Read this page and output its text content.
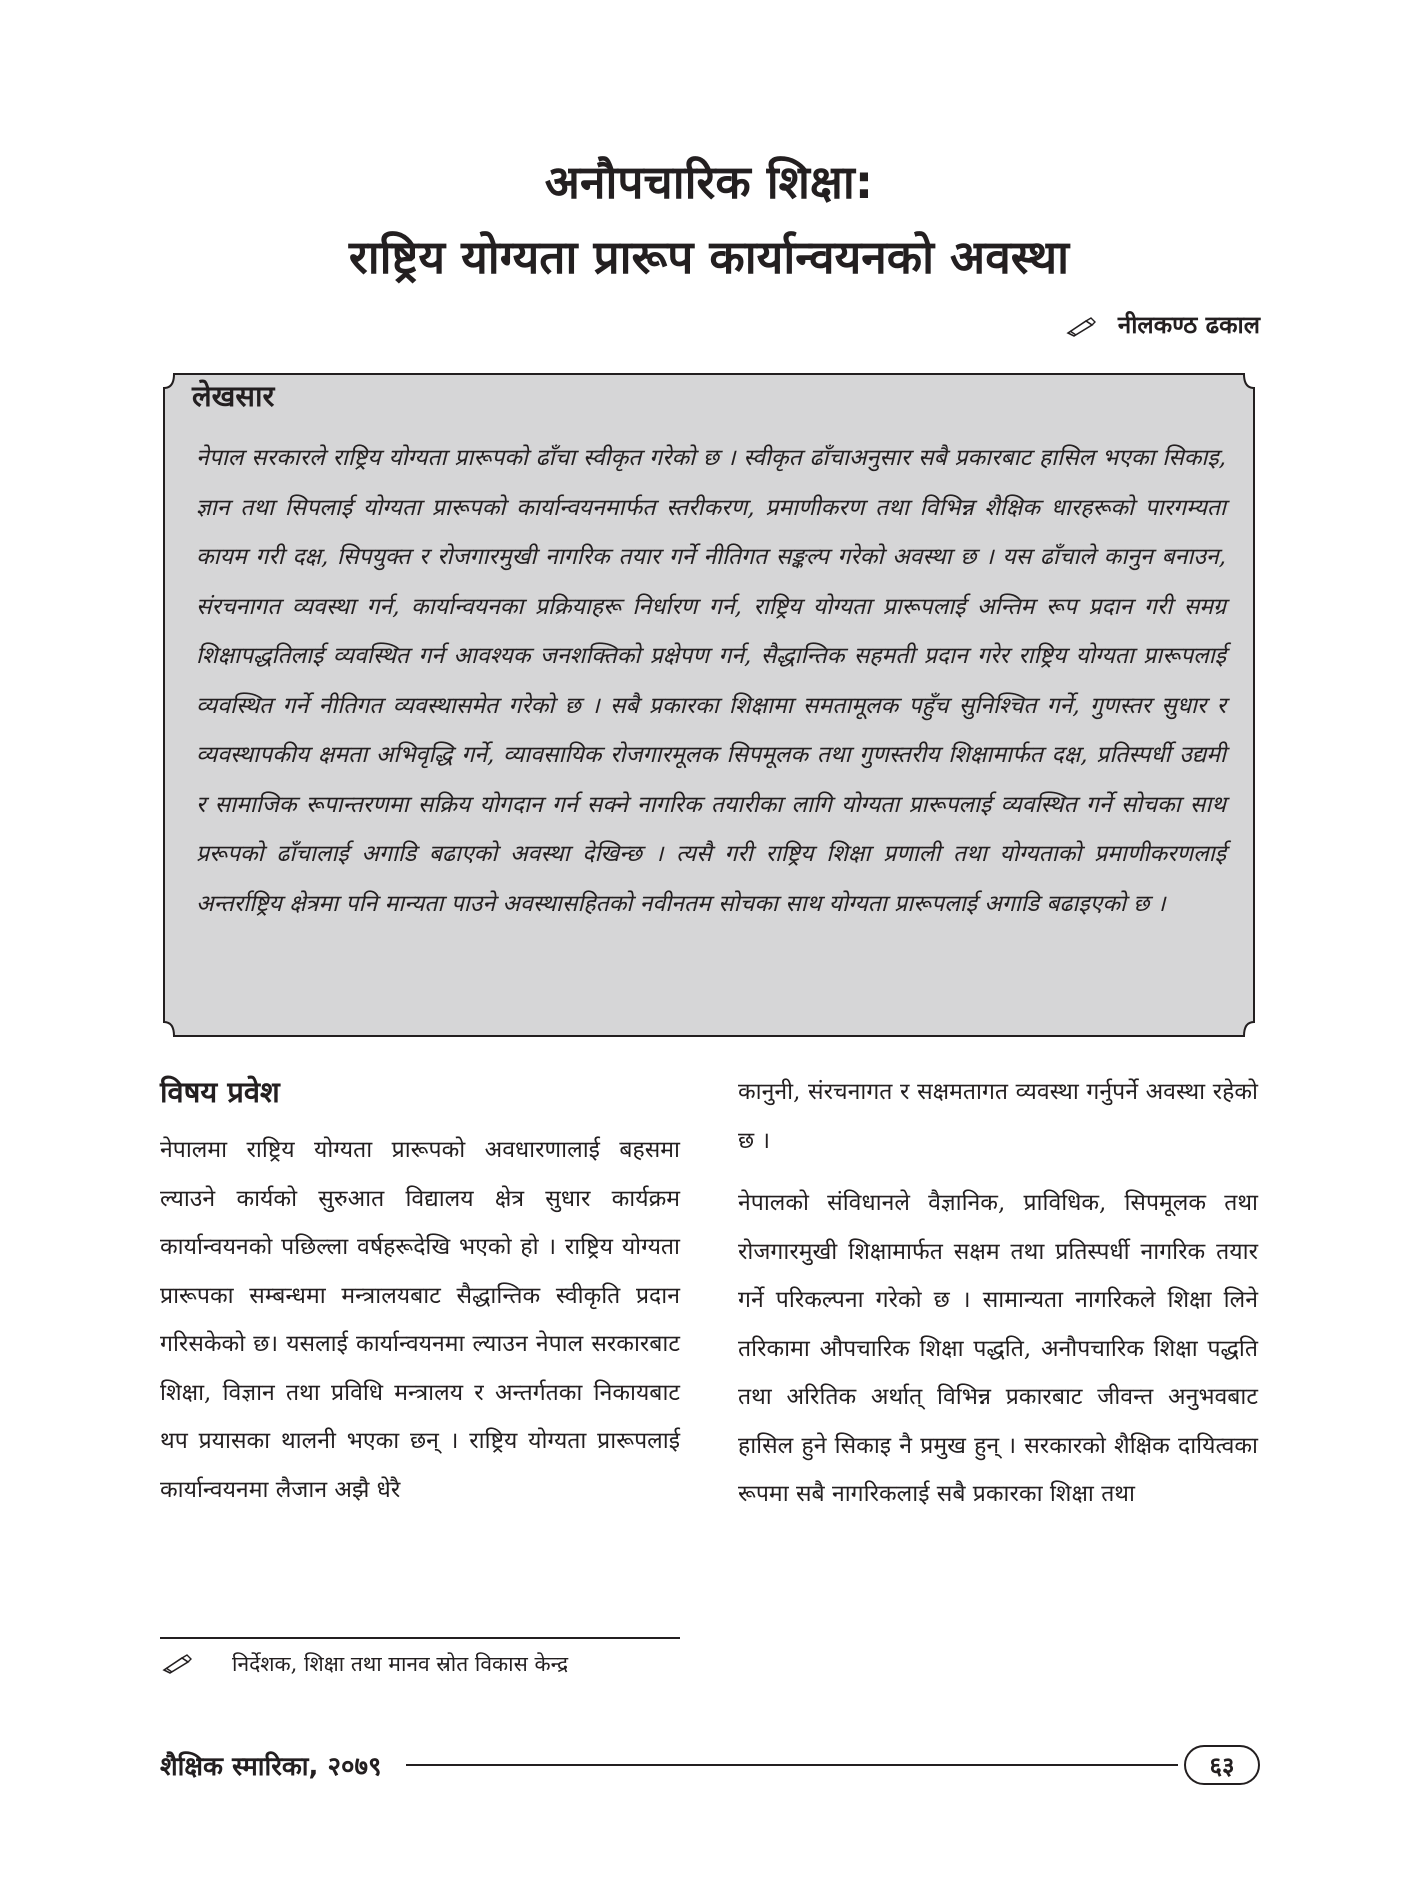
अनौपचारिक शिक्षा:
राष्ट्रिय योग्यता प्रारूप कार्यान्वयनको अवस्था
नीलकण्ठ ढकाल
लेखसार

नेपाल सरकारले राष्ट्रिय योग्यता प्रारूपको ढाँचा स्वीकृत गरेको छ । स्वीकृत ढाँचाअनुसार सबै प्रकारबाट हासिल भएका सिकाइ, ज्ञान तथा सिपलाई योग्यता प्रारूपको कार्यान्वयनमार्फत स्तरीकरण, प्रमाणीकरण तथा विभिन्न शैक्षिक धारहरूको पारगम्यता कायम गरी दक्ष, सिपयुक्त र रोजगारमुखी नागरिक तयार गर्ने नीतिगत सङ्कल्प गरेको अवस्था छ । यस ढाँचाले कानुन बनाउन, संरचनागत व्यवस्था गर्न, कार्यान्वयनका प्रक्रियाहरू निर्धारण गर्न, राष्ट्रिय योग्यता प्रारूपलाई अन्तिम रूप प्रदान गरी समग्र शिक्षापद्धतिलाई व्यवस्थित गर्न आवश्यक जनशक्तिको प्रक्षेपण गर्न, सैद्धान्तिक सहमती प्रदान गरेर राष्ट्रिय योग्यता प्रारूपलाई व्यवस्थित गर्ने नीतिगत व्यवस्थासमेत गरेको छ । सबै प्रकारका शिक्षामा समतामूलक पहुँच सुनिश्चित गर्ने, गुणस्तर सुधार र व्यवस्थापकीय क्षमता अभिवृद्धि गर्ने, व्यावसायिक रोजगारमूलक सिपमूलक तथा गुणस्तरीय शिक्षामार्फत दक्ष, प्रतिस्पर्धी उद्यमी र सामाजिक रूपान्तरणमा सक्रिय योगदान गर्न सक्ने नागरिक तयारीका लागि योग्यता प्रारूपलाई व्यवस्थित गर्ने सोचका साथ प्ररूपको ढाँचालाई अगाडि बढाएको अवस्था देखिन्छ । त्यसै गरी राष्ट्रिय शिक्षा प्रणाली तथा योग्यताको प्रमाणीकरणलाई अन्तर्राष्ट्रिय क्षेत्रमा पनि मान्यता पाउने अवस्थासहितको नवीनतम सोचका साथ योग्यता प्रारूपलाई अगाडि बढाइएको छ ।

विषय प्रवेश

नेपालमा राष्ट्रिय योग्यता प्रारूपको अवधारणालाई बहसमा ल्याउने कार्यको सुरुआत विद्यालय क्षेत्र सुधार कार्यक्रम कार्यान्वयनको पछिल्ला वर्षहरूदेखि भएको हो । राष्ट्रिय योग्यता प्रारूपका सम्बन्धमा मन्त्रालयबाट सैद्धान्तिक स्वीकृति प्रदान गरिसकेको छ। यसलाई कार्यान्वयनमा ल्याउन नेपाल सरकारबाट शिक्षा, विज्ञान तथा प्रविधि मन्त्रालय र अन्तर्गतका निकायबाट थप प्रयासका थालनी भएका छन् । राष्ट्रिय योग्यता प्रारूपलाई कार्यान्वयनमा लैजान अझै धेरै

कानुनी, संरचनागत र सक्षमतागत व्यवस्था गर्नुपर्ने अवस्था रहेको छ ।

नेपालको संविधानले वैज्ञानिक, प्राविधिक, सिपमूलक तथा रोजगारमुखी शिक्षामार्फत सक्षम तथा प्रतिस्पर्धी नागरिक तयार गर्ने परिकल्पना गरेको छ । सामान्यता नागरिकले शिक्षा लिने तरिकामा औपचारिक शिक्षा पद्धति, अनौपचारिक शिक्षा पद्धति तथा अरितिक अर्थात् विभिन्न प्रकारबाट जीवन्त अनुभवबाट हासिल हुने सिकाइ नै प्रमुख हुन् । सरकारको शैक्षिक दायित्वका रूपमा सबै नागरिकलाई सबै प्रकारका शिक्षा तथा

निर्देशक, शिक्षा तथा मानव स्रोत विकास केन्द्र
शैक्षिक स्मारिका, २०७९	६३
